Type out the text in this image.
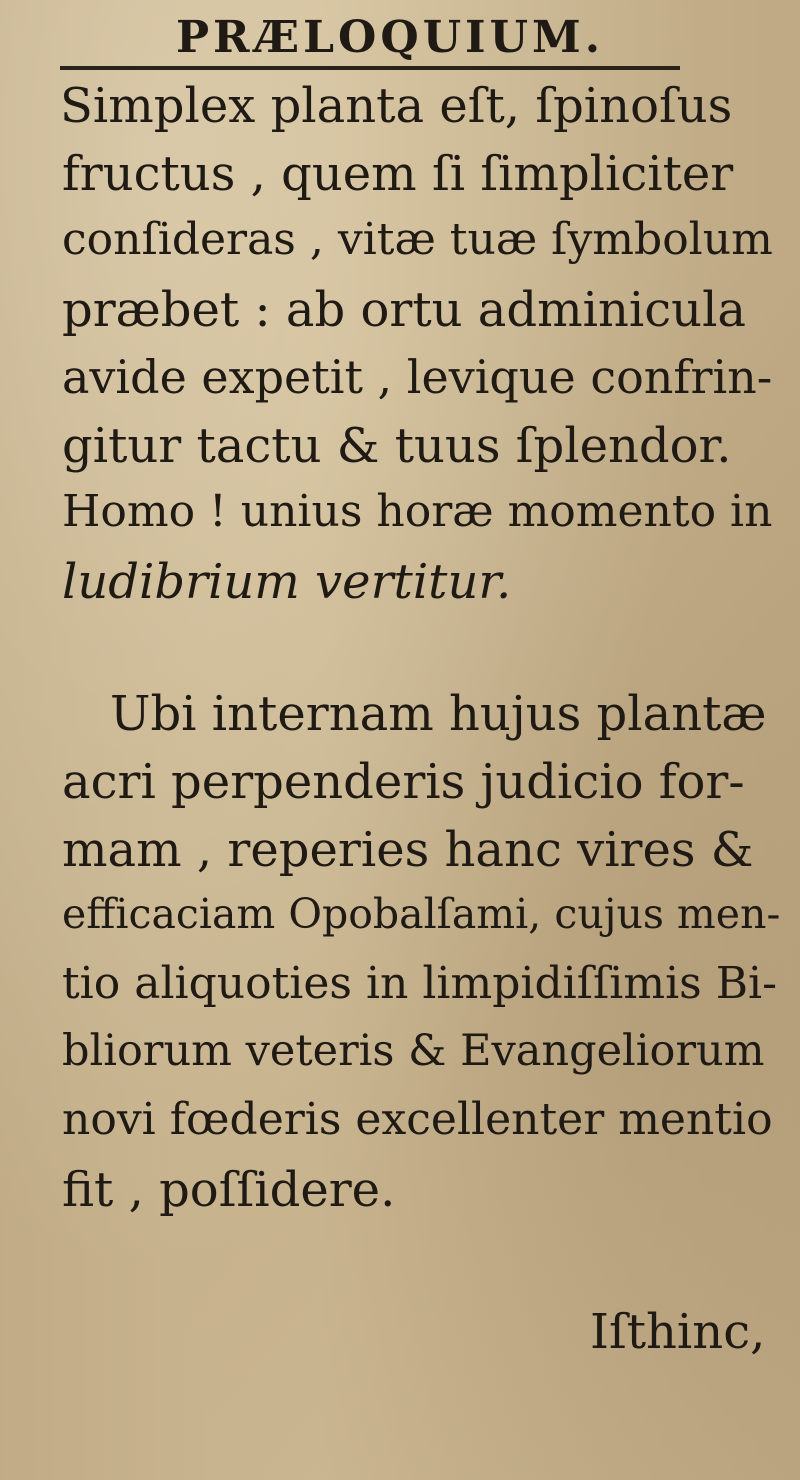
PRÆLOQUIUM.
Simplex planta eſt, ſpinoſus
fructus , quem ſi ſimpliciter
conſideras , vitæ tuæ ſymbolum
præbet : ab ortu adminicula
avide expetit , levique confrin-
gitur tactu & tuus ſplendor.
Homo ! unius horæ momento in
ludibrium vertitur.
Ubi internam hujus plantæ
acri perpenderis judicio for-
mam , reperies hanc vires &
efficaciam Opobalſami, cujus men-
tio aliquoties in limpidiſſimis Bi-
bliorum veteris & Evangeliorum
novi fœderis excellenter mentio
fit , poſſidere.
Iſthinc,
